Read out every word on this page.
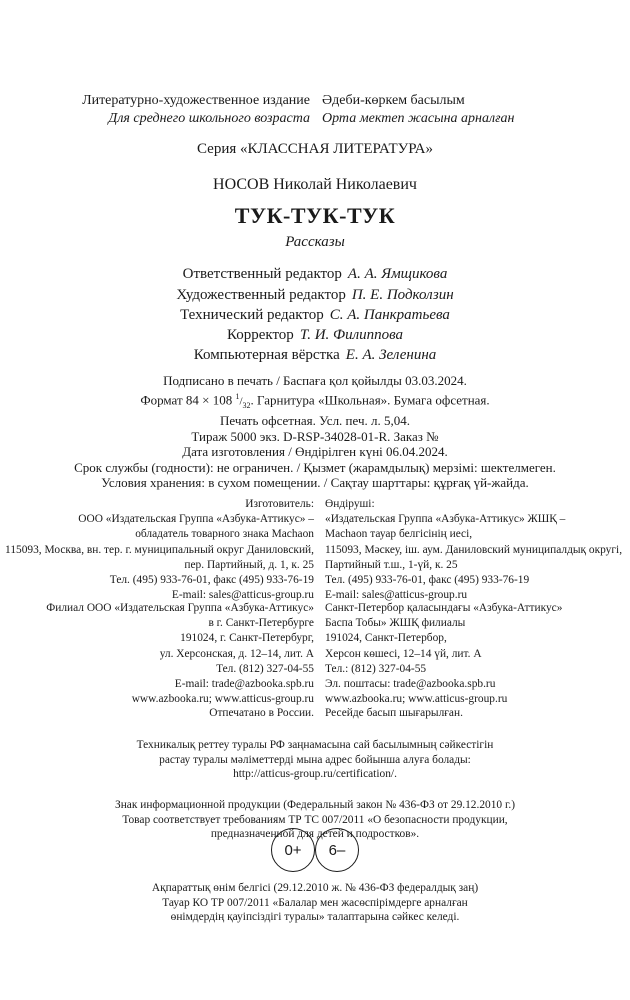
Литературно-художественное издание
Для среднего школьного возраста
Әдеби-көркем басылым
Орта мектеп жасына арналған
Серия «КЛАССНАЯ ЛИТЕРАТУРА»
НОСОВ Николай Николаевич
ТУК-ТУК-ТУК
Рассказы
Ответственный редактор А. А. Ямщикова
Художественный редактор П. Е. Подколзин
Технический редактор С. А. Панкратьева
Корректор Т. И. Филиппова
Компьютерная вёрстка Е. А. Зеленина
Подписано в печать / Баспаға қол қойылды 03.03.2024.
Формат 84 × 108 $^1/_{32}$. Гарнитура «Школьная». Бумага офсетная.
Печать офсетная. Усл. печ. л. 5,04.
Тираж 5000 экз. D-RSP-34028-01-R. Заказ №
Дата изготовления / Өндірілген күні 06.04.2024.
Срок службы (годности): не ограничен. / Қызмет (жарамдылық) мерзімі: шектелмеген.
Условия хранения: в сухом помещении. / Сақтау шарттары: құрғақ үй-жайда.
Изготовитель:
ООО «Издательская Группа «Азбука-Аттикус» –
обладатель товарного знака Machaon
115093, Москва, вн. тер. г. муниципальный округ Даниловский,
пер. Партийный, д. 1, к. 25
Тел. (495) 933-76-01, факс (495) 933-76-19
E-mail: sales@atticus-group.ru
Өндіруші:
«Издательская Группа «Азбука-Аттикус» ЖШҚ –
Machaon тауар белгісінің иесі,
115093, Мәскеу, іш. аум. Даниловский муниципалдық округі,
Партийный т.ш., 1-үй, к. 25
Тел. (495) 933-76-01, факс (495) 933-76-19
E-mail: sales@atticus-group.ru
Филиал ООО «Издательская Группа «Азбука-Аттикус»
в г. Санкт-Петербурге
191024, г. Санкт-Петербург,
ул. Херсонская, д. 12–14, лит. А
Тел. (812) 327-04-55
E-mail: trade@azbooka.spb.ru
www.azbooka.ru; www.atticus-group.ru
Санкт-Петербор қаласындағы «Азбука-Аттикус»
Баспа Тобы» ЖШҚ филиалы
191024, Санкт-Петербор,
Херсон көшесі, 12–14 үй, лит. А
Тел.: (812) 327-04-55
Эл. поштасы: trade@azbooka.spb.ru
www.azbooka.ru; www.atticus-group.ru
Отпечатано в России. Ресейде басып шығарылған.
Техникалық реттеу туралы РФ заңнамасына сай басылымның сәйкестігін
растау туралы мәліметтерді мына адрес бойынша алуға болады:
http://atticus-group.ru/certification/.
Знак информационной продукции (Федеральный закон № 436-ФЗ от 29.12.2010 г.)
Товар соответствует требованиям ТР ТС 007/2011 «О безопасности продукции,
предназначенной для детей и подростков».
0+ 6–
Ақпараттық өнім белгісі (29.12.2010 ж. № 436-ФЗ федералдық заң)
Тауар КО ТР 007/2011 «Балалар мен жасөспірімдерге арналған
өнімдердің қауіпсіздігі туралы» талаптарына сәйкес келеді.
